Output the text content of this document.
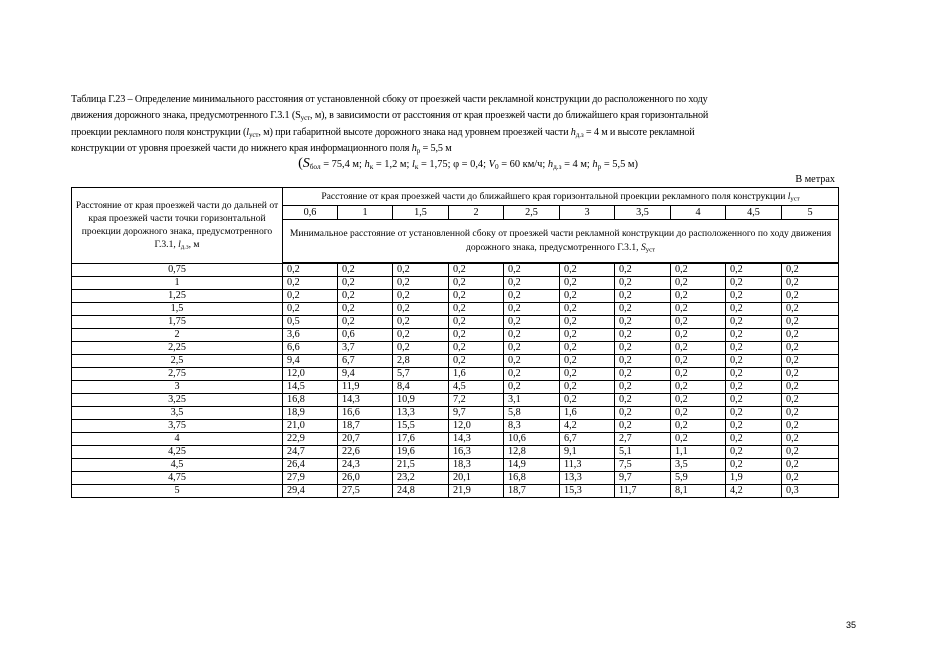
Таблица Г.23 – Определение минимального расстояния от установленной сбоку от проезжей части рекламной конструкции до расположенного по ходу
движения дорожного знака, предусмотренного Г.3.1 ($S_{уст}$, м), в зависимости от расстояния от края проезжей части до ближайшего края горизонтальной
проекции рекламного поля конструкции ($l_{уст}$, м) при габаритной высоте дорожного знака над уровнем проезжей части $h_{д.з} = 4$ м и высоте рекламной
конструкции от уровня проезжей части до нижнего края информационного поля $h_р = 5,5$ м
($S_{бол} = 75,4$ м; $h_к = 1,2$ м; $l_к = 1,75$; φ = 0,4; $V_0 = 60$ км/ч; $h_{д.з} = 4$ м; $h_р = 5,5$ м)
В метрах
Расстояние от края проезжей части до дальней от края проезжей части точки горизонтальной проекции дорожного знака, предусмотренного Г.3.1, $l_{д.з}$, м	Расстояние от края проезжей части до ближайшего края горизонтальной проекции рекламного поля конструкции $l_{уст}$
	0,6	1	1,5	2	2,5	3	3,5	4	4,5	5
	Минимальное расстояние от установленной сбоку от проезжей части рекламной конструкции до расположенного по ходу движения дорожного знака, предусмотренного Г.3.1, $S_{уст}$
0,75	0,2	0,2	0,2	0,2	0,2	0,2	0,2	0,2	0,2	0,2
1	0,2	0,2	0,2	0,2	0,2	0,2	0,2	0,2	0,2	0,2
1,25	0,2	0,2	0,2	0,2	0,2	0,2	0,2	0,2	0,2	0,2
1,5	0,2	0,2	0,2	0,2	0,2	0,2	0,2	0,2	0,2	0,2
1,75	0,5	0,2	0,2	0,2	0,2	0,2	0,2	0,2	0,2	0,2
2	3,6	0,6	0,2	0,2	0,2	0,2	0,2	0,2	0,2	0,2
2,25	6,6	3,7	0,2	0,2	0,2	0,2	0,2	0,2	0,2	0,2
2,5	9,4	6,7	2,8	0,2	0,2	0,2	0,2	0,2	0,2	0,2
2,75	12,0	9,4	5,7	1,6	0,2	0,2	0,2	0,2	0,2	0,2
3	14,5	11,9	8,4	4,5	0,2	0,2	0,2	0,2	0,2	0,2
3,25	16,8	14,3	10,9	7,2	3,1	0,2	0,2	0,2	0,2	0,2
3,5	18,9	16,6	13,3	9,7	5,8	1,6	0,2	0,2	0,2	0,2
3,75	21,0	18,7	15,5	12,0	8,3	4,2	0,2	0,2	0,2	0,2
4	22,9	20,7	17,6	14,3	10,6	6,7	2,7	0,2	0,2	0,2
4,25	24,7	22,6	19,6	16,3	12,8	9,1	5,1	1,1	0,2	0,2
4,5	26,4	24,3	21,5	18,3	14,9	11,3	7,5	3,5	0,2	0,2
4,75	27,9	26,0	23,2	20,1	16,8	13,3	9,7	5,9	1,9	0,2
5	29,4	27,5	24,8	21,9	18,7	15,3	11,7	8,1	4,2	0,3
35
